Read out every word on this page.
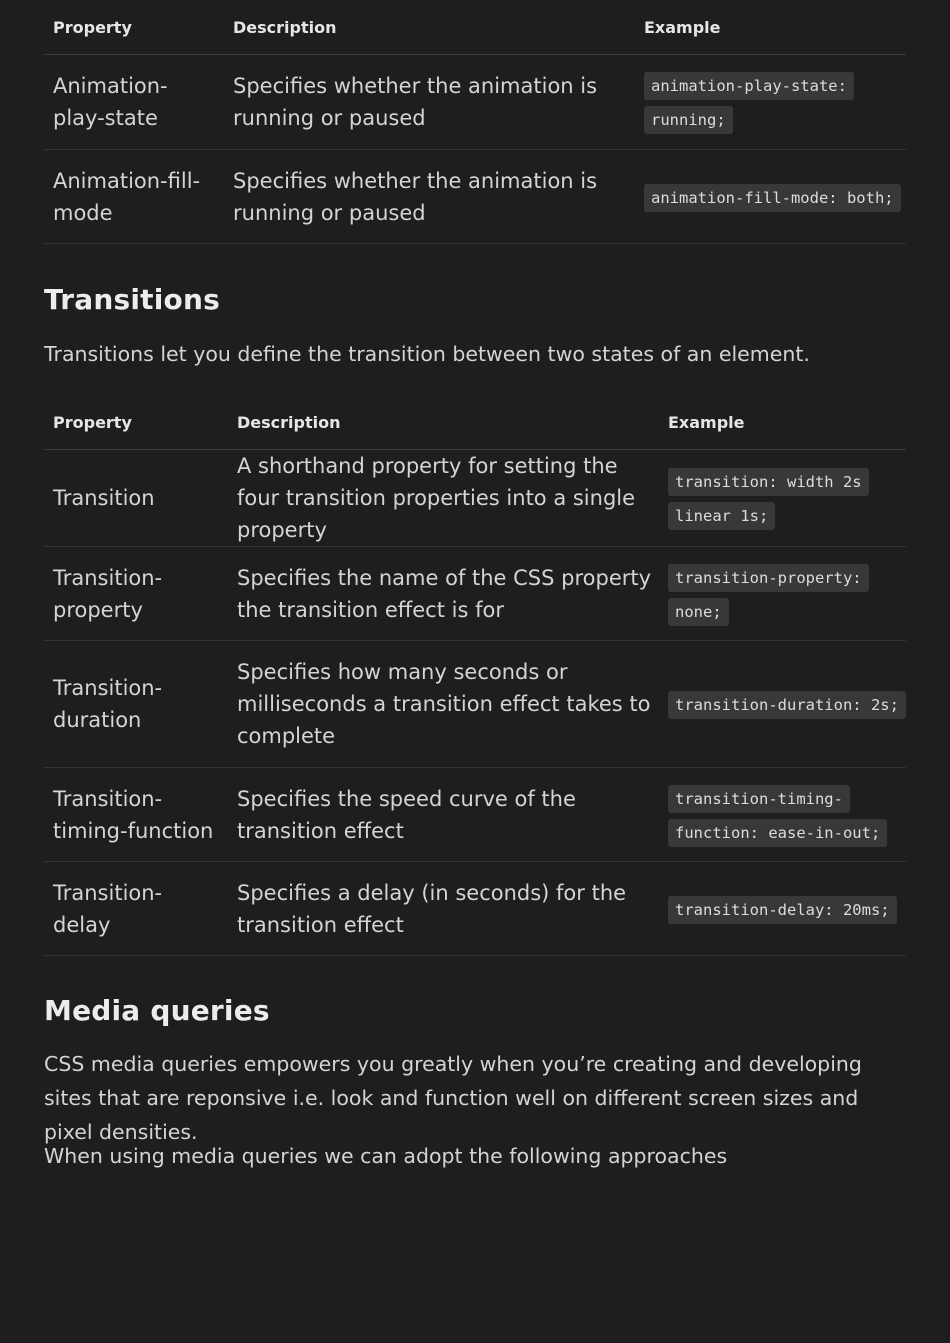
Property	Description	Example
Animation-play-state	Specifies whether the animation is running or paused	animation-play-state: running;
Animation-fill-mode	Specifies whether the animation is running or paused	animation-fill-mode: both;
Transitions

Transitions let you define the transition between two states of an element.

Property	Description	Example
Transition	A shorthand property for setting the four transition properties into a single property	transition: width 2s linear 1s;
Transition-property	Specifies the name of the CSS property the transition effect is for	transition-property: none;
Transition-duration	Specifies how many seconds or milliseconds a transition effect takes to complete	transition-duration: 2s;
Transition-timing-function	Specifies the speed curve of the transition effect	transition-timing-function: ease-in-out;
Transition-delay	Specifies a delay (in seconds) for the transition effect	transition-delay: 20ms;
Media queries

CSS media queries empowers you greatly when you’re creating and developing sites that are reponsive i.e. look and function well on different screen sizes and pixel densities.

When using media queries we can adopt the following approaches
